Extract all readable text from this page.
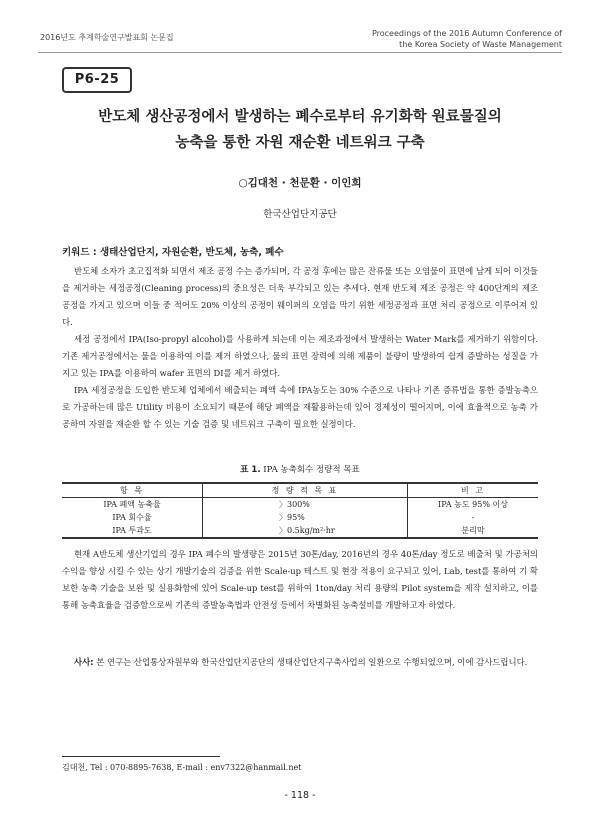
2016년도 추계학술연구발표회 논문집	Proceedings of the 2016 Autumn Conference of
the Korea Society of Waste Management
P6-25
반도체 생산공정에서 발생하는 폐수로부터 유기화학 원료물질의
농축을 통한 자원 재순환 네트워크 구축
○김대천 · 천문환 · 이인희
한국산업단지공단
키워드 : 생태산업단지, 자원순환, 반도체, 농축, 폐수

반도체 소자가 초고집적화 되면서 제조 공정 수는 증가되며, 각 공정 후에는 많은 잔류물 또는 오염물이 표면에 남게 되어 이것들을 제거하는 세정공정(Cleaning process)의 중요성은 더욱 부각되고 있는 추세다. 현재 반도체 제조 공정은 약 400단계의 제조 공정을 가지고 있으며 이들 중 적어도 20% 이상의 공정이 웨이퍼의 오염을 막기 위한 세정공정과 표면 처리 공정으로 이루어져 있다.

세정 공정에서 IPA(Iso-propyl alcohol)를 사용하게 되는데 이는 제조과정에서 발생하는 Water Mark를 제거하기 위함이다. 기존 제거공정에서는 물을 이용하여 이를 제거 하였으나, 물의 표면 장력에 의해 제품이 불량이 발생하여 쉽게 증발하는 성질을 가지고 있는 IPA를 이용하여 wafer 표면의 DI를 제거 하였다.

IPA 세정공정을 도입한 반도체 업체에서 배출되는 폐액 속에 IPA농도는 30% 수준으로 나타나 기존 증류법을 통한 증발농축으로 가공하는데 많은 Utility 비용이 소요되기 때문에 해당 폐액을 재활용하는데 있어 경제성이 떨어지며, 이에 효율적으로 농축 가공하여 자원을 재순환 할 수 있는 기술 검증 및 네트워크 구축이 필요한 실정이다.

표 1. IPA 농축회수 정량적 목표
항 목	정 량 적 목 표	비 고
IPA 폐액 농축율	〉300%	IPA 농도 95% 이상
IPA 회수율	〉95%	-
IPA 투과도	〉0.5kg/m²·hr	분리막

현재 A반도체 생산기업의 경우 IPA 폐수의 발생량은 2015년 30톤/day, 2016년의 경우 40톤/day 정도로 배출처 및 가공처의 수익을 향상 시킬 수 있는 상기 개발기술의 검증을 위한 Scale-up 테스트 및 현장 적용이 요구되고 있어, Lab, test를 통하여 기 확보한 농축 기술을 보완 및 실용화함에 있어 Scale-up test를 위하여 1ton/day 처리 용량의 Pilot system을 제작 설치하고, 이를 통해 농축효율을 검증함으로써 기존의 증발농축법과 안전성 등에서 차별화된 농축설비를 개발하고자 하였다.

사사: 본 연구는 산업통상자원부와 한국산업단지공단의 생태산업단지구축사업의 일환으로 수행되었으며, 이에 감사드립니다.
김대천, Tel : 070-8895-7638, E-mail : env7322@hanmail.net
- 118 -
